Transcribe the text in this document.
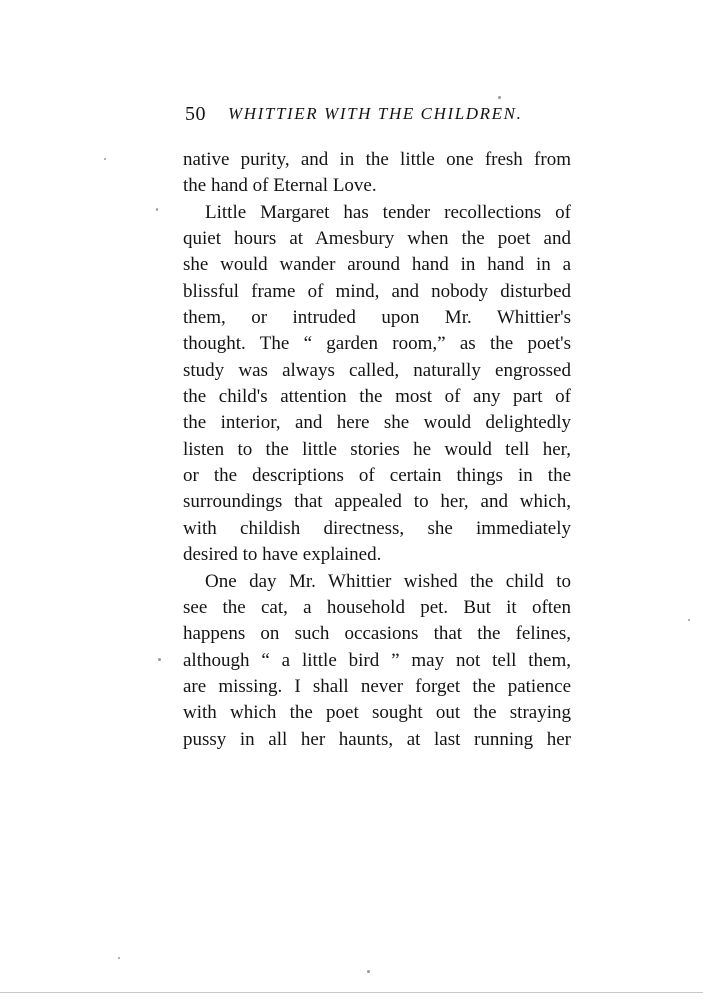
50 WHITTIER WITH THE CHILDREN.
native purity, and in the little one fresh from
the hand of Eternal Love.
Little Margaret has tender recollections of
quiet hours at Amesbury when the poet and
she would wander around hand in hand in a
blissful frame of mind, and nobody disturbed
them, or intruded upon Mr. Whittier's
thought. The “ garden room,” as the poet's
study was always called, naturally engrossed
the child's attention the most of any part of
the interior, and here she would delightedly
listen to the little stories he would tell her,
or the descriptions of certain things in the
surroundings that appealed to her, and which,
with childish directness, she immediately
desired to have explained.
One day Mr. Whittier wished the child to
see the cat, a household pet. But it often
happens on such occasions that the felines,
although “ a little bird ” may not tell them,
are missing. I shall never forget the patience
with which the poet sought out the straying
pussy in all her haunts, at last running her
